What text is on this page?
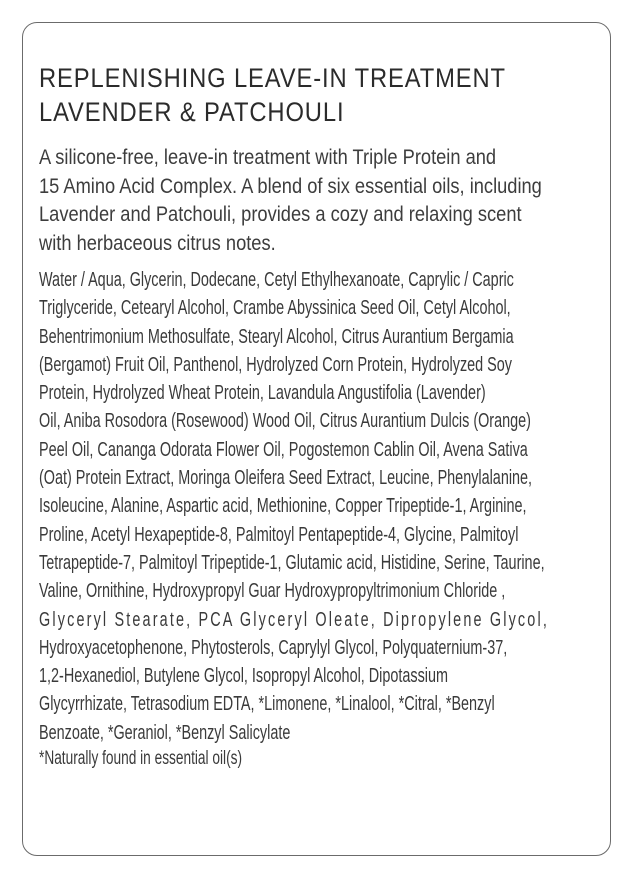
REPLENISHING LEAVE-IN TREATMENT
LAVENDER & PATCHOULI
A silicone-free, leave-in treatment with Triple Protein and
15 Amino Acid Complex. A blend of six essential oils, including
Lavender and Patchouli, provides a cozy and relaxing scent
with herbaceous citrus notes.
Water / Aqua, Glycerin, Dodecane, Cetyl Ethylhexanoate, Caprylic / Capric
Triglyceride, Cetearyl Alcohol, Crambe Abyssinica Seed Oil, Cetyl Alcohol,
Behentrimonium Methosulfate, Stearyl Alcohol, Citrus Aurantium Bergamia
(Bergamot) Fruit Oil, Panthenol, Hydrolyzed Corn Protein, Hydrolyzed Soy
Protein, Hydrolyzed Wheat Protein, Lavandula Angustifolia (Lavender)
Oil, Aniba Rosodora (Rosewood) Wood Oil, Citrus Aurantium Dulcis (Orange)
Peel Oil, Cananga Odorata Flower Oil, Pogostemon Cablin Oil, Avena Sativa
(Oat) Protein Extract, Moringa Oleifera Seed Extract, Leucine, Phenylalanine,
Isoleucine, Alanine, Aspartic acid, Methionine, Copper Tripeptide-1, Arginine,
Proline, Acetyl Hexapeptide-8, Palmitoyl Pentapeptide-4, Glycine, Palmitoyl
Tetrapeptide-7, Palmitoyl Tripeptide-1, Glutamic acid, Histidine, Serine, Taurine,
Valine, Ornithine, Hydroxypropyl Guar Hydroxypropyltrimonium Chloride ,
Glyceryl Stearate, PCA Glyceryl Oleate, Dipropylene Glycol,
Hydroxyacetophenone, Phytosterols, Caprylyl Glycol, Polyquaternium-37,
1,2-Hexanediol, Butylene Glycol, Isopropyl Alcohol, Dipotassium
Glycyrrhizate, Tetrasodium EDTA, *Limonene, *Linalool, *Citral, *Benzyl
Benzoate, *Geraniol, *Benzyl Salicylate
*Naturally found in essential oil(s)
